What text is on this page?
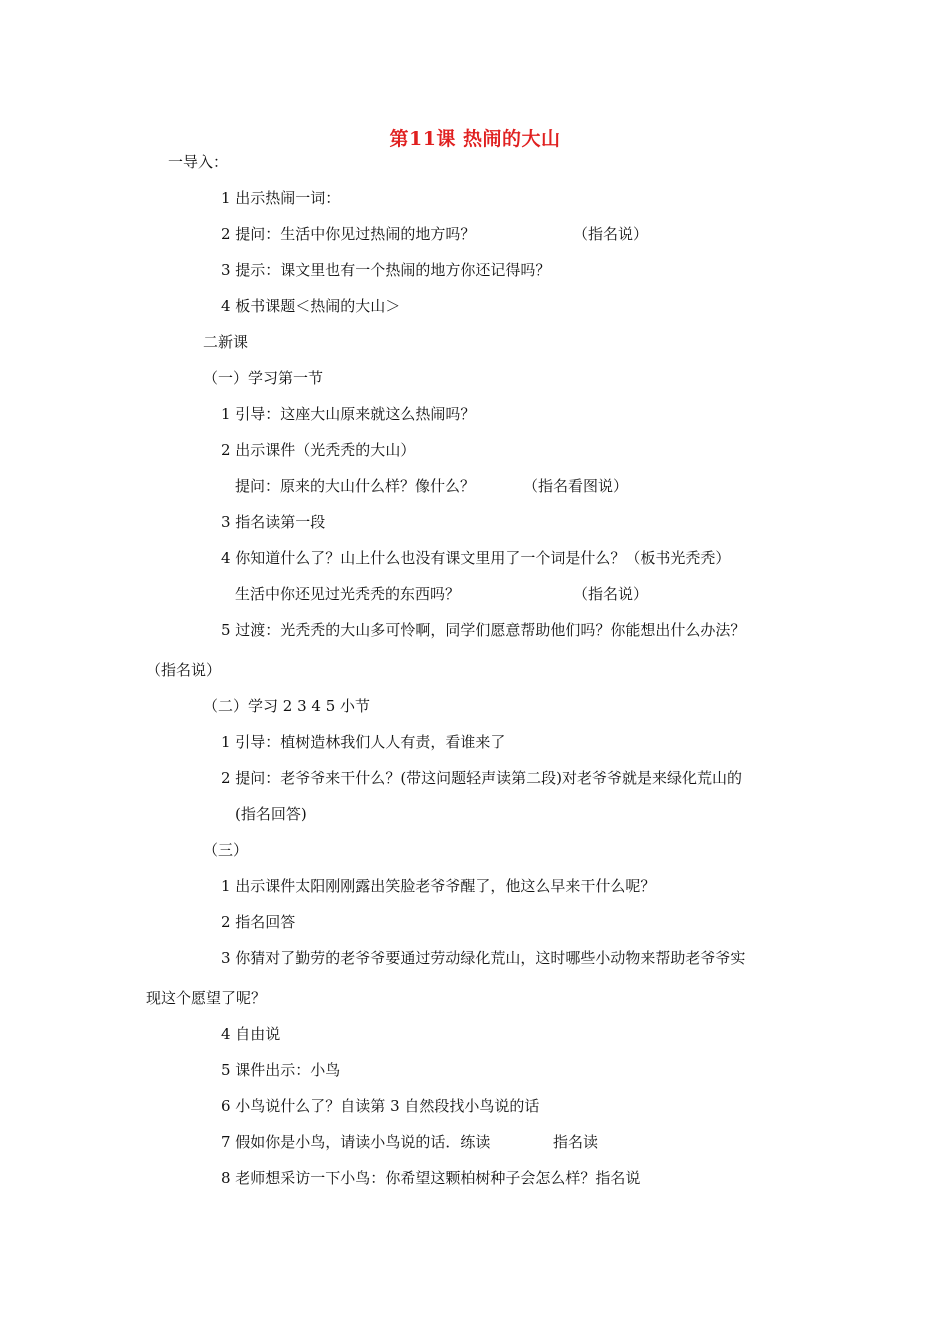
第11课 热闹的大山
一导入：
1 出示热闹一词：
2 提问：生活中你见过热闹的地方吗？	（指名说）
3 提示：课文里也有一个热闹的地方你还记得吗？
4 板书课题＜热闹的大山＞
二新课
（一）学习第一节
1 引导：这座大山原来就这么热闹吗？
2 出示课件（光秃秃的大山）
提问：原来的大山什么样？像什么？	（指名看图说）
3 指名读第一段
4 你知道什么了？山上什么也没有课文里用了一个词是什么？（板书光秃秃）
生活中你还见过光秃秃的东西吗？	（指名说）
5 过渡：光秃秃的大山多可怜啊，同学们愿意帮助他们吗？你能想出什么办法？
（指名说）
（二）学习 2 3 4 5 小节
1 引导：植树造林我们人人有责，看谁来了
2 提问：老爷爷来干什么？(带这问题轻声读第二段)对老爷爷就是来绿化荒山的
(指名回答)
（三）
1 出示课件太阳刚刚露出笑脸老爷爷醒了，他这么早来干什么呢？
2 指名回答
3 你猜对了勤劳的老爷爷要通过劳动绿化荒山，这时哪些小动物来帮助老爷爷实
现这个愿望了呢？
4 自由说
5 课件出示：小鸟
6 小鸟说什么了？自读第 3 自然段找小鸟说的话
7 假如你是小鸟，请读小鸟说的话．练读	指名读
8 老师想采访一下小鸟：你希望这颗柏树种子会怎么样？指名说
